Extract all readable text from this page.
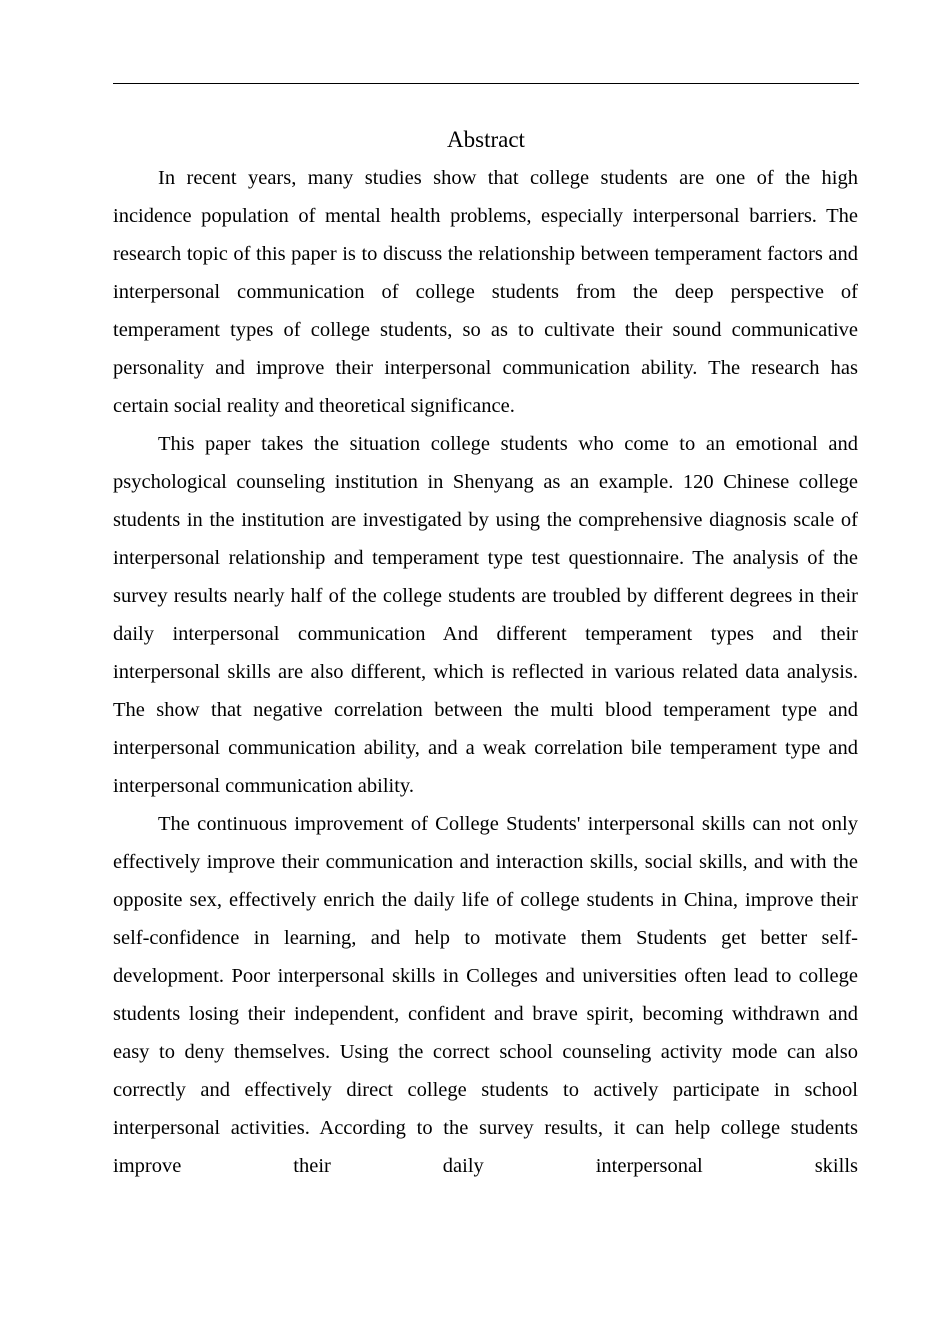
Abstract

In recent years, many studies show that college students are one of the high incidence population of mental health problems, especially interpersonal barriers. The research topic of this paper is to discuss the relationship between temperament factors and interpersonal communication of college students from the deep perspective of temperament types of college students, so as to cultivate their sound communicative personality and improve their interpersonal communication ability. The research has certain social reality and theoretical significance.

This paper takes the situation college students who come to an emotional and psychological counseling institution in Shenyang as an example. 120 Chinese college students in the institution are investigated by using the comprehensive diagnosis scale of interpersonal relationship and temperament type test questionnaire. The analysis of the survey results nearly half of the college students are troubled by different degrees in their daily interpersonal communication And different temperament types and their interpersonal skills are also different, which is reflected in various related data analysis. The show that negative correlation between the multi blood temperament type and interpersonal communication ability, and a weak correlation bile temperament type and interpersonal communication ability.

The continuous improvement of College Students' interpersonal skills can not only effectively improve their communication and interaction skills, social skills, and with the opposite sex, effectively enrich the daily life of college students in China, improve their self-confidence in learning, and help to motivate them Students get better self-development. Poor interpersonal skills in Colleges and universities often lead to college students losing their independent, confident and brave spirit, becoming withdrawn and easy to deny themselves. Using the correct school counseling activity mode can also correctly and effectively direct college students to actively participate in school interpersonal activities. According to the survey results, it can help college students improve their daily interpersonal skills
